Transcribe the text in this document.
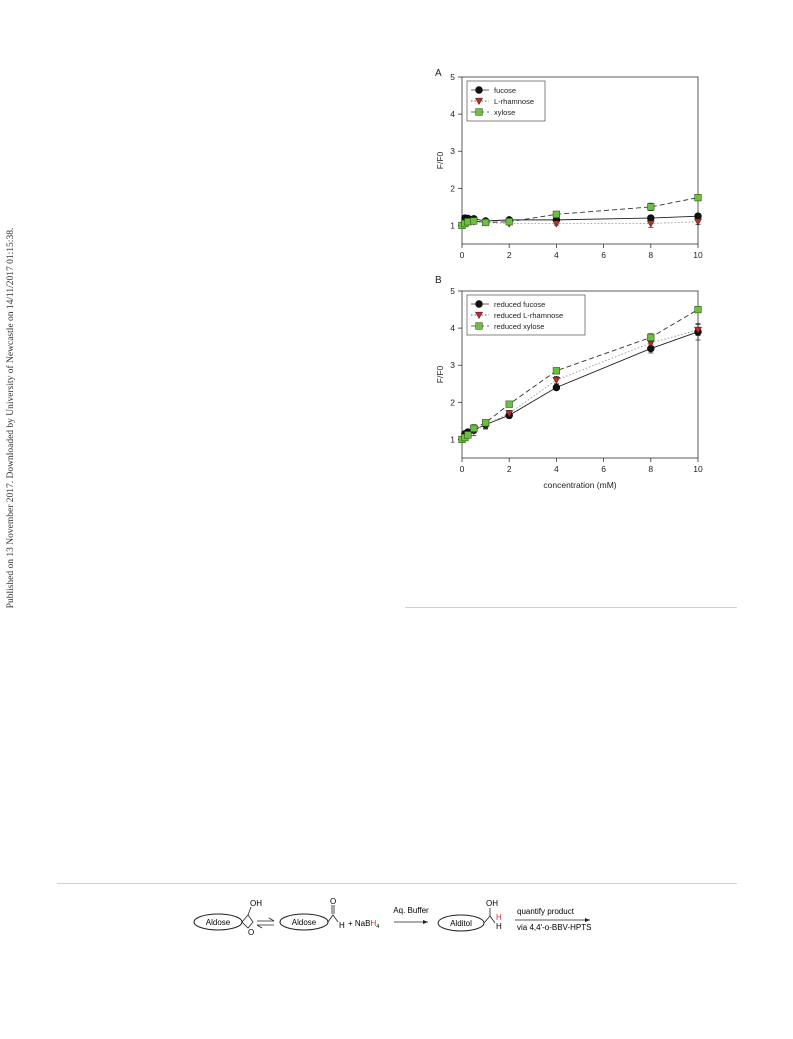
Published on 13 November 2017. Downloaded by University of Newcastle on 14/11/2017 01:15:38.
A
0	2	4	6	8	10
1
2
3
4
5
F/F0
fucose
L-rhamnose
xylose
B
0	2	4	6	8	10
1
2
3
4
5
F/F0
concentration (mM)
reduced fucose
reduced L-rhamnose
reduced xylose
Aldose
OH
O
Aldose
O
H + NaBH$_4$
Aq. Buffer
Alditol
OH
H
H
quantify product
via 4,4'-o-BBV-HPTS
